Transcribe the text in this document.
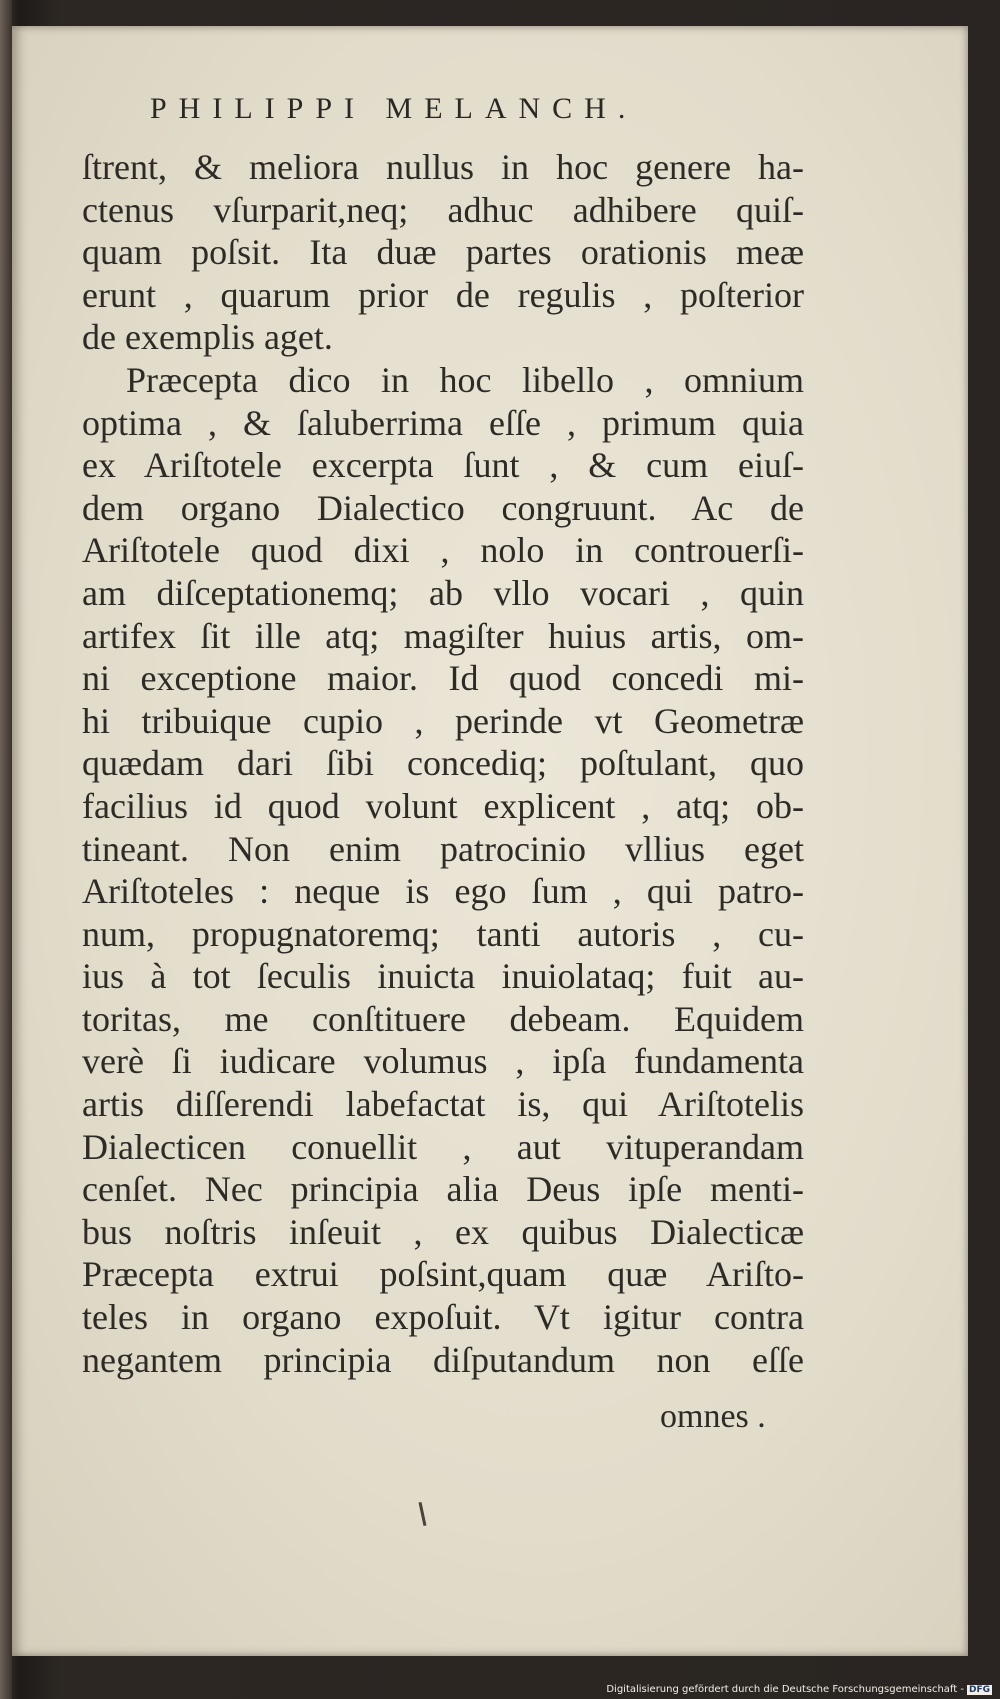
PHILIPPI MELANCH.
ſtrent, & meliora nullus in hoc genere ha-
ctenus vſurparit,neq; adhuc adhibere quiſ-
quam poſsit. Ita duæ partes orationis meæ
erunt , quarum prior de regulis , poſterior
de exemplis aget.
Præcepta dico in hoc libello , omnium
optima , & ſaluberrima eſſe , primum quia
ex Ariſtotele excerpta ſunt , & cum eiuſ-
dem organo Dialectico congruunt. Ac de
Ariſtotele quod dixi , nolo in controuerſi-
am diſceptationemq; ab vllo vocari , quin
artifex ſit ille atq; magiſter huius artis, om-
ni exceptione maior. Id quod concedi mi-
hi tribuique cupio , perinde vt Geometræ
quædam dari ſibi concediq; poſtulant, quo
facilius id quod volunt explicent , atq; ob-
tineant. Non enim patrocinio vllius eget
Ariſtoteles : neque is ego ſum , qui patro-
num, propugnatoremq; tanti autoris , cu-
ius à tot ſeculis inuicta inuiolataq; fuit au-
toritas, me conſtituere debeam. Equidem
verè ſi iudicare volumus , ipſa fundamenta
artis diſſerendi labefactat is, qui Ariſtotelis
Dialecticen conuellit , aut vituperandam
cenſet. Nec principia alia Deus ipſe menti-
bus noſtris inſeuit , ex quibus Dialecticæ
Præcepta extrui poſsint,quam quæ Ariſto-
teles in organo expoſuit. Vt igitur contra
negantem principia diſputandum non eſſe
omnes .
Digitalisierung gefördert durch die Deutsche Forschungsgemeinschaft - DFG
